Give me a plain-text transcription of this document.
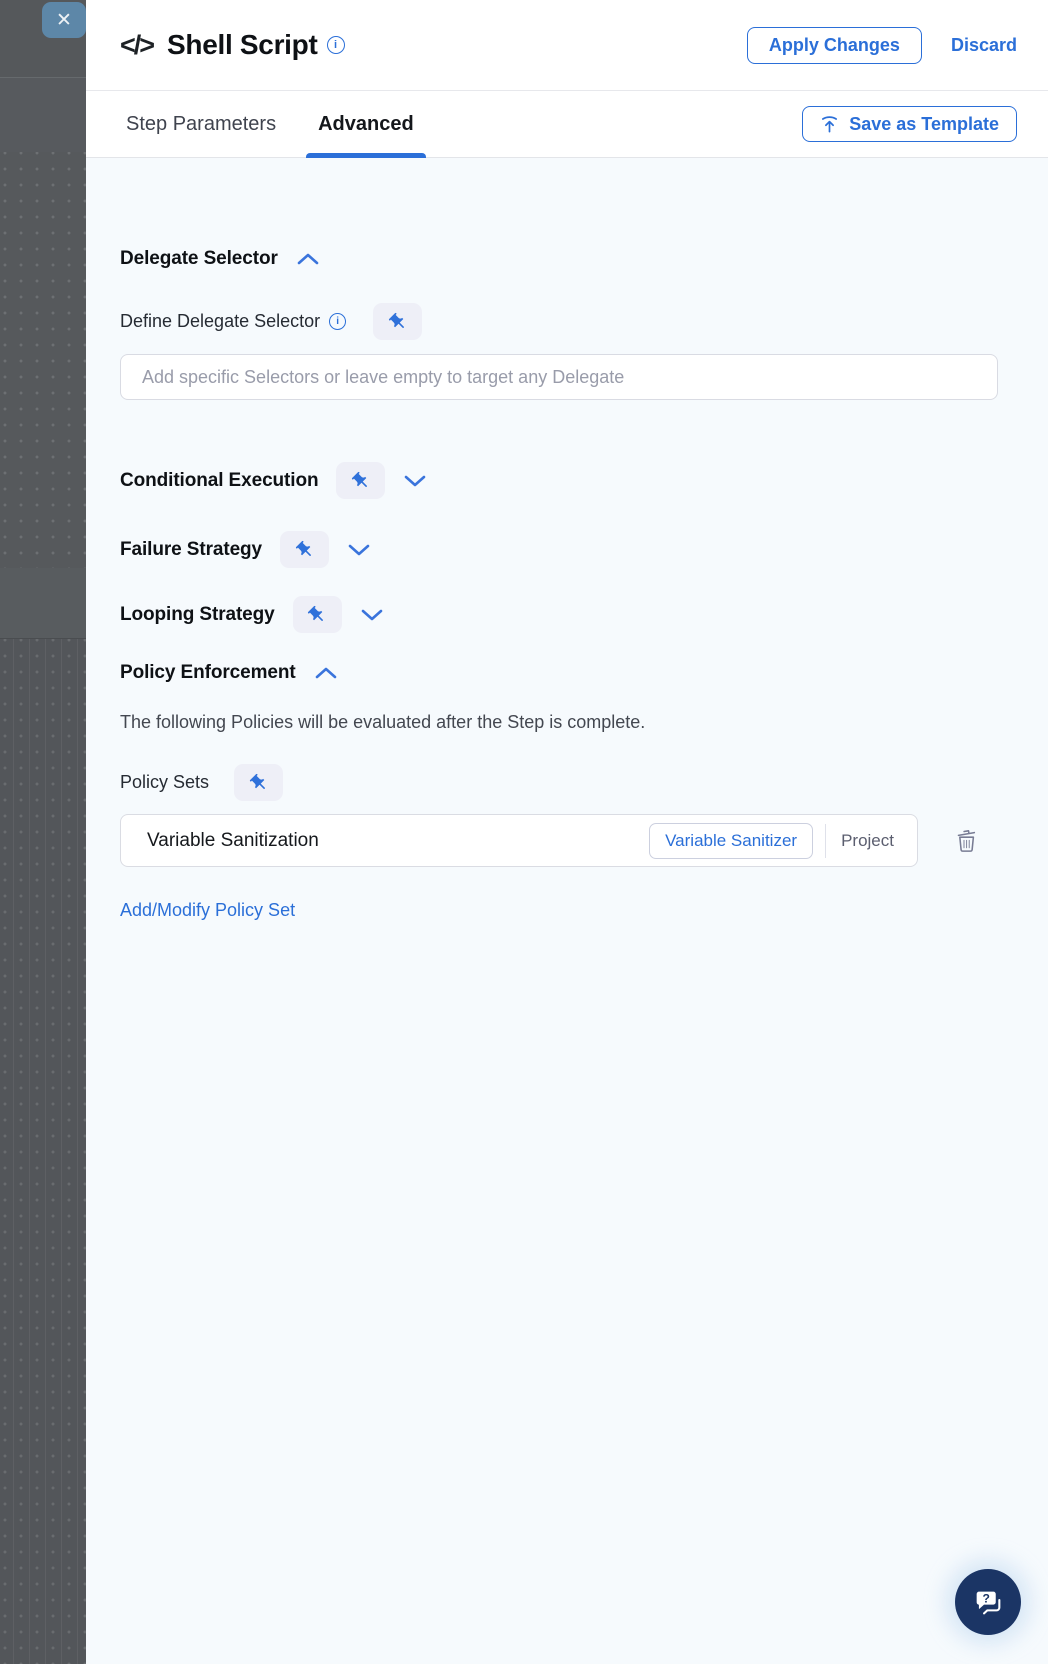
✕
</> Shell Script	i	Apply Changes	Discard
Step Parameters Advanced	Save as Template
Delegate Selector
Define Delegate Selector	i
Add specific Selectors or leave empty to target any Delegate
Conditional Execution
Failure Strategy
Looping Strategy
Policy Enforcement
The following Policies will be evaluated after the Step is complete.
Policy Sets
Variable Sanitization	Variable Sanitizer	Project
Add/Modify Policy Set
?
